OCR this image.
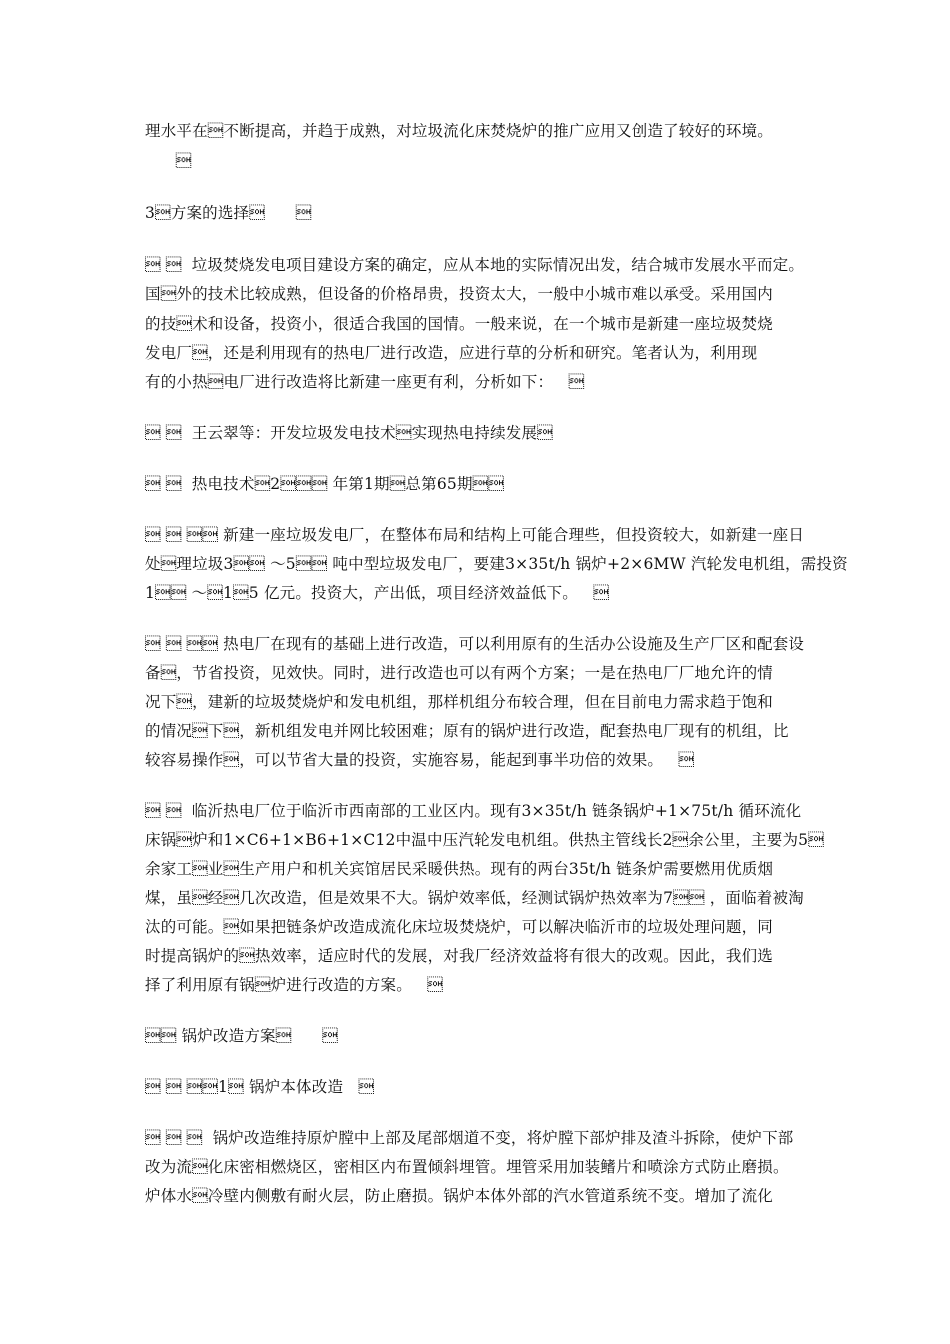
理水平在不断提高，并趋于成熟，对垃圾流化床焚烧炉的推广应用又创造了较好的环境。

3方案的选择      
   垃圾焚烧发电项目建设方案的确定，应从本地的实际情况出发，结合城市发展水平而定。
国外的技术比较成熟，但设备的价格昂贵，投资太大，一般中小城市难以承受。采用国内
的技术和设备，投资小，很适合我国的国情。一般来说，在一个城市是新建一座垃圾焚烧
发电厂，还是利用现有的热电厂进行改造，应进行草的分析和研究。笔者认为，利用现
有的小热电厂进行改造将比新建一座更有利，分析如下：   
   王云翠等：开发垃圾发电技术实现热电持续发展
   热电技术2 年第1期总第65期
   新建一座垃圾发电厂，在整体布局和结构上可能合理些，但投资较大，如新建一座日
处理垃圾3 ～5 吨中型垃圾发电厂，要建3×35t/h 锅炉+2×6MW 汽轮发电机组，需投资
1 ～15 亿元。投资大，产出低，项目经济效益低下。   
   热电厂在现有的基础上进行改造，可以利用原有的生活办公设施及生产厂区和配套设
备，节省投资，见效快。同时，进行改造也可以有两个方案；一是在热电厂厂地允许的情
况下，建新的垃圾焚烧炉和发电机组，那样机组分布较合理，但在目前电力需求趋于饱和
的情况下，新机组发电并网比较困难；原有的锅炉进行改造，配套热电厂现有的机组，比
较容易操作，可以节省大量的投资，实施容易，能起到事半功倍的效果。   
   临沂热电厂位于临沂市西南部的工业区内。现有3×35t/h 链条锅炉+1×75t/h 循环流化
床锅炉和1×C6+1×B6+1×C12中温中压汽轮发电机组。供热主管线长2余公里，主要为5
余家工业生产用户和机关宾馆居民采暖供热。现有的两台35t/h 链条炉需要燃用优质烟
煤，虽经几次改造，但是效果不大。锅炉效率低，经测试锅炉热效率为7 ，面临着被淘
汰的可能。如果把链条炉改造成流化床垃圾焚烧炉，可以解决临沂市的垃圾处理问题，同
时提高锅炉的热效率，适应时代的发展，对我厂经济效益将有很大的改观。因此，我们选
择了利用原有锅炉进行改造的方案。   
 锅炉改造方案      
  1 锅炉本体改造   
    锅炉改造维持原炉膛中上部及尾部烟道不变，将炉膛下部炉排及渣斗拆除，使炉下部
改为流化床密相燃烧区，密相区内布置倾斜埋管。埋管采用加装鳍片和喷涂方式防止磨损。
炉体水冷壁内侧敷有耐火层，防止磨损。锅炉本体外部的汽水管道系统不变。增加了流化
